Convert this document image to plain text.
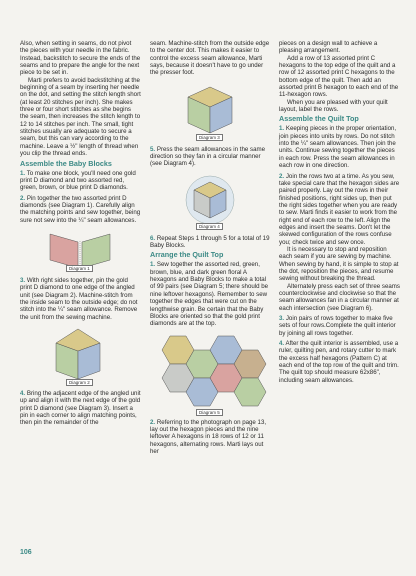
Also, when setting in seams, do not pivot the pieces with your needle in the fabric. Instead, backstitch to secure the ends of the seams and to prepare the angle for the next piece to be set in.

Marti prefers to avoid backstitching at the beginning of a seam by inserting her needle on the dot, and setting the stitch length short (at least 20 stitches per inch). She makes three or four short stitches as she begins the seam, then increases the stitch length to 12 to 14 stitches per inch. The small, tight stitches usually are adequate to secure a seam, but this can vary according to the machine. Leave a ½" length of thread when you clip the thread ends.

Assemble the Baby Blocks

1. To make one block, you'll need one gold print D diamond and two assorted red, green, brown, or blue print D diamonds.

2. Pin together the two assorted print D diamonds (see Diagram 1). Carefully align the matching points and sew together, being sure not sew into the ¼" seam allowances.

Diagram 1

3. With right sides together, pin the gold print D diamond to one edge of the angled unit (see Diagram 2). Machine-stitch from the inside seam to the outside edge; do not stitch into the ¼" seam allowance. Remove the unit from the sewing machine.

Diagram 2

4. Bring the adjacent edge of the angled unit up and align it with the next edge of the gold print D diamond (see Diagram 3). Insert a pin in each corner to align matching points, then pin the remainder of the

seam. Machine-stitch from the outside edge to the center dot. This makes it easier to control the excess seam allowance, Marti says, because it doesn't have to go under the presser foot.

Diagram 3

5. Press the seam allowances in the same direction so they fan in a circular manner (see Diagram 4).

Diagram 4

6. Repeat Steps 1 through 5 for a total of 19 Baby Blocks.

Arrange the Quilt Top

1. Sew together the assorted red, green, brown, blue, and dark green floral A hexagons and Baby Blocks to make a total of 99 pairs (see Diagram 5; there should be nine leftover hexagons). Remember to sew together the edges that were cut on the lengthwise grain. Be certain that the Baby Blocks are oriented so that the gold print diamonds are at the top.

Diagram 5

2. Referring to the photograph on page 13, lay out the hexagon pieces and the nine leftover A hexagons in 18 rows of 12 or 11 hexagons, alternating rows. Marti lays out her

pieces on a design wall to achieve a pleasing arrangement.

Add a row of 13 assorted print C hexagons to the top edge of the quilt and a row of 12 assorted print C hexagons to the bottom edge of the quilt. Then add an assorted print B hexagon to each end of the 11-hexagon rows.

When you are pleased with your quilt layout, label the rows.

Assemble the Quilt Top

1. Keeping pieces in the proper orientation, join pieces into units by rows. Do not stitch into the ¼" seam allowances. Then join the units. Continue sewing together the pieces in each row. Press the seam allowances in each row in one direction.

2. Join the rows two at a time. As you sew, take special care that the hexagon sides are paired properly. Lay out the rows in their finished positions, right sides up, then put the right sides together when you are ready to sew. Marti finds it easier to work from the right end of each row to the left. Align the edges and insert the seams. Don't let the skewed configuration of the rows confuse you; check twice and sew once.

It is necessary to stop and reposition each seam if you are sewing by machine. When sewing by hand, it is simple to stop at the dot, reposition the pieces, and resume sewing without breaking the thread.

Alternately press each set of three seams counterclockwise and clockwise so that the seam allowances fan in a circular manner at each intersection (see Diagram 6).

3. Join pairs of rows together to make five sets of four rows.Complete the quilt interior by joining all rows together.

4. After the quilt interior is assembled, use a ruler, quilting pen, and rotary cutter to mark the excess half hexagons (Pattern C) at each end of the top row of the quilt and trim. The quilt top should measure 62x86", including seam allowances.

106
